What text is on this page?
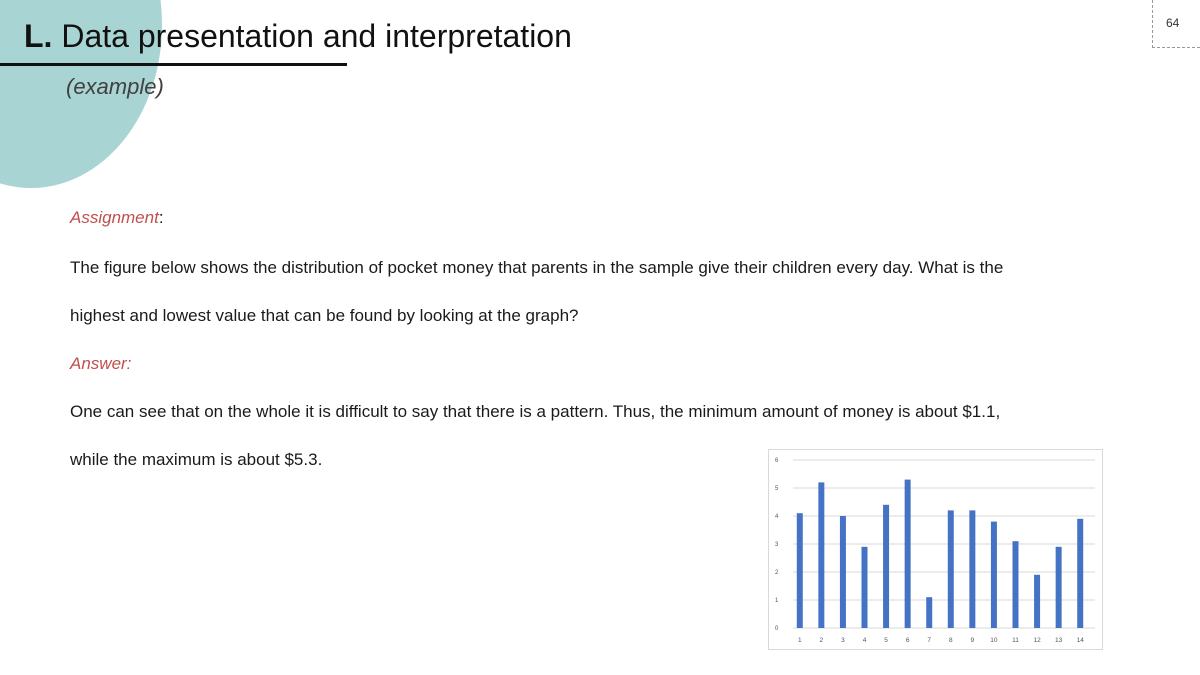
L. Data presentation and interpretation
(example)
64
Assignment:
The figure below shows the distribution of pocket money that parents in the sample give their children every day. What is the
highest and lowest value that can be found by looking at the graph?
Answer:
One can see that on the whole it is difficult to say that there is a pattern. Thus, the minimum amount of money is about $1.1,
while the maximum is about $5.3.
0
1
2
3
4
5
6
1	2	3	4	5	6	7	8	9 10 11 12 13 14
